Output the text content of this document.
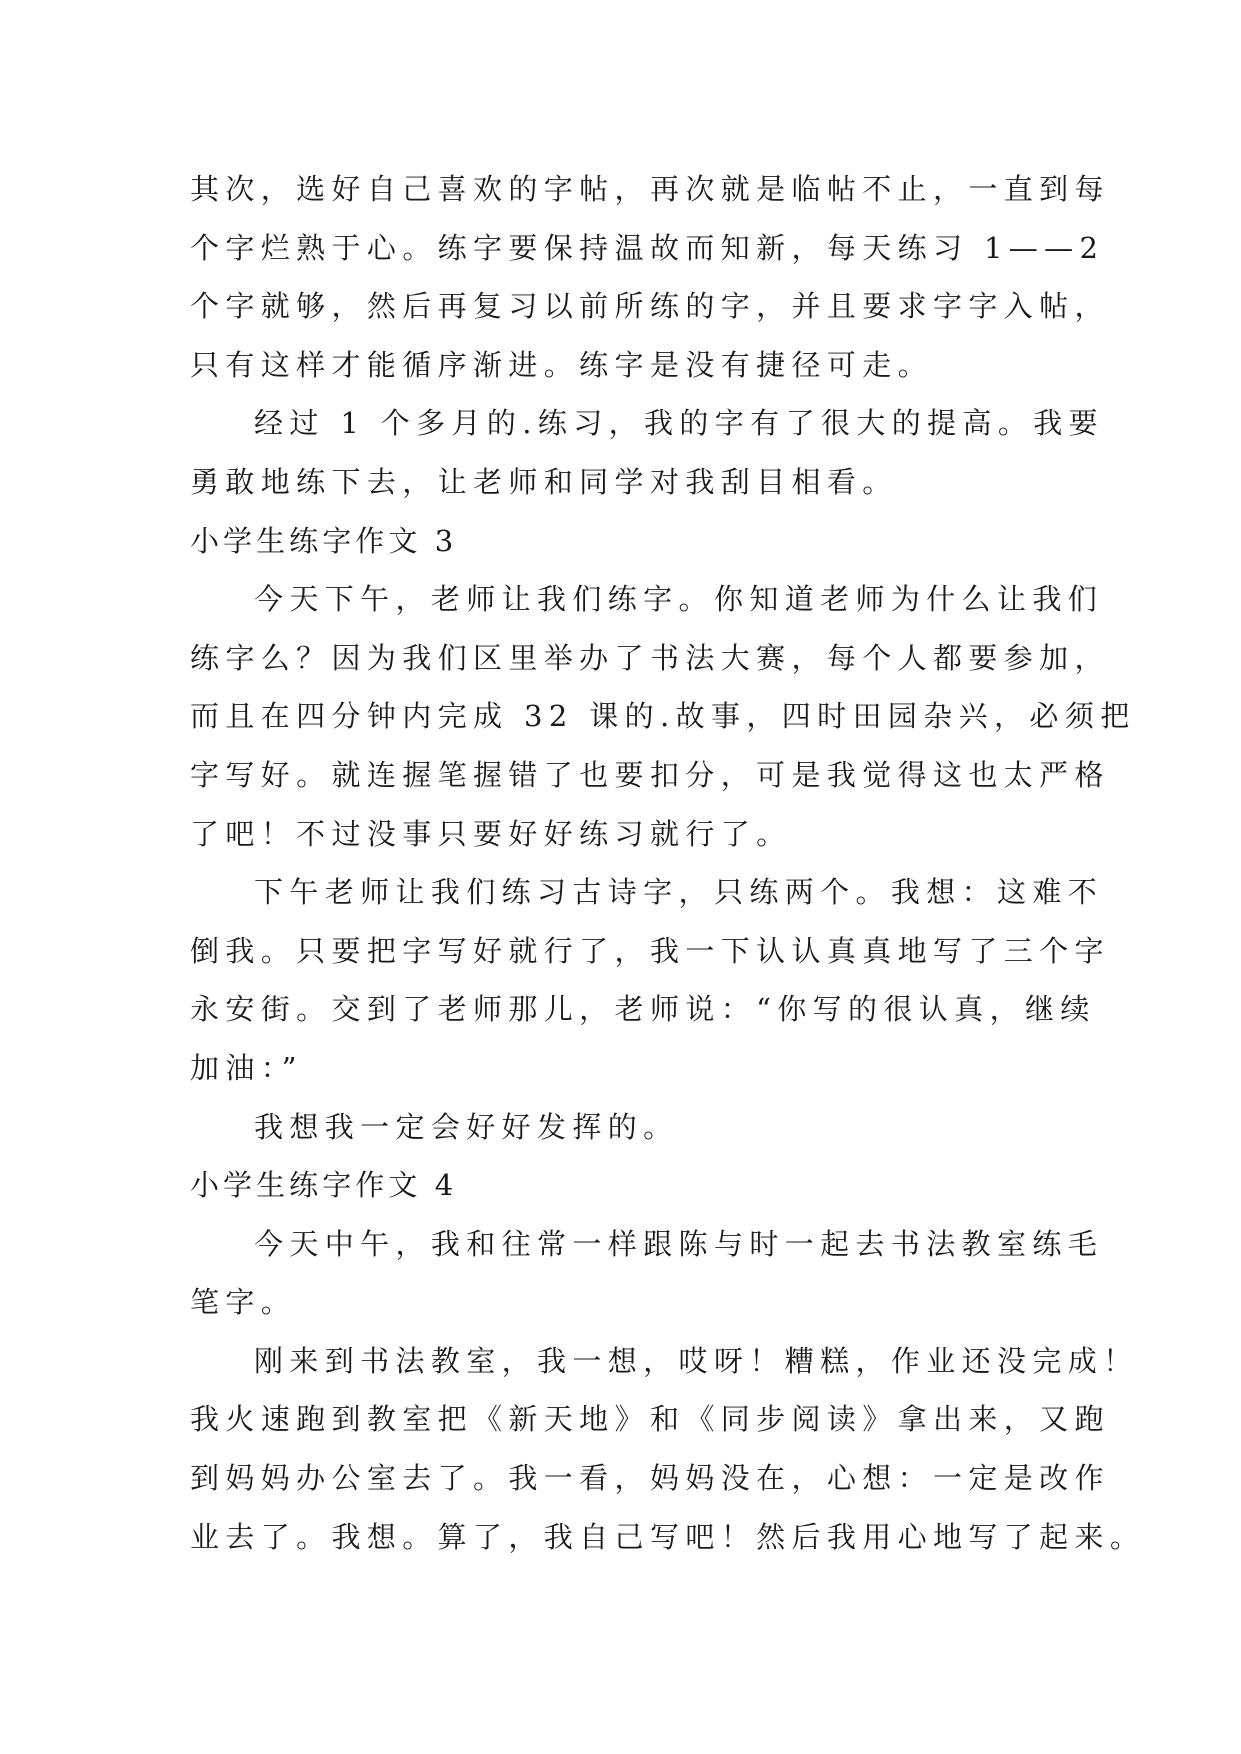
其次，选好自己喜欢的字帖，再次就是临帖不止，一直到每
个字烂熟于心。练字要保持温故而知新，每天练习 1——2
个字就够，然后再复习以前所练的字，并且要求字字入帖，
只有这样才能循序渐进。练字是没有捷径可走。
经过 1 个多月的.练习，我的字有了很大的提高。我要
勇敢地练下去，让老师和同学对我刮目相看。
小学生练字作文 3
今天下午，老师让我们练字。你知道老师为什么让我们
练字么？因为我们区里举办了书法大赛，每个人都要参加，
而且在四分钟内完成 32 课的.故事，四时田园杂兴，必须把
字写好。就连握笔握错了也要扣分，可是我觉得这也太严格
了吧！不过没事只要好好练习就行了。
下午老师让我们练习古诗字，只练两个。我想：这难不
倒我。只要把字写好就行了，我一下认认真真地写了三个字
永安街。交到了老师那儿，老师说：“你写的很认真，继续
加油：”
我想我一定会好好发挥的。
小学生练字作文 4
今天中午，我和往常一样跟陈与时一起去书法教室练毛
笔字。
刚来到书法教室，我一想，哎呀！糟糕，作业还没完成！
我火速跑到教室把《新天地》和《同步阅读》拿出来，又跑
到妈妈办公室去了。我一看，妈妈没在，心想：一定是改作
业去了。我想。算了，我自己写吧！然后我用心地写了起来。
